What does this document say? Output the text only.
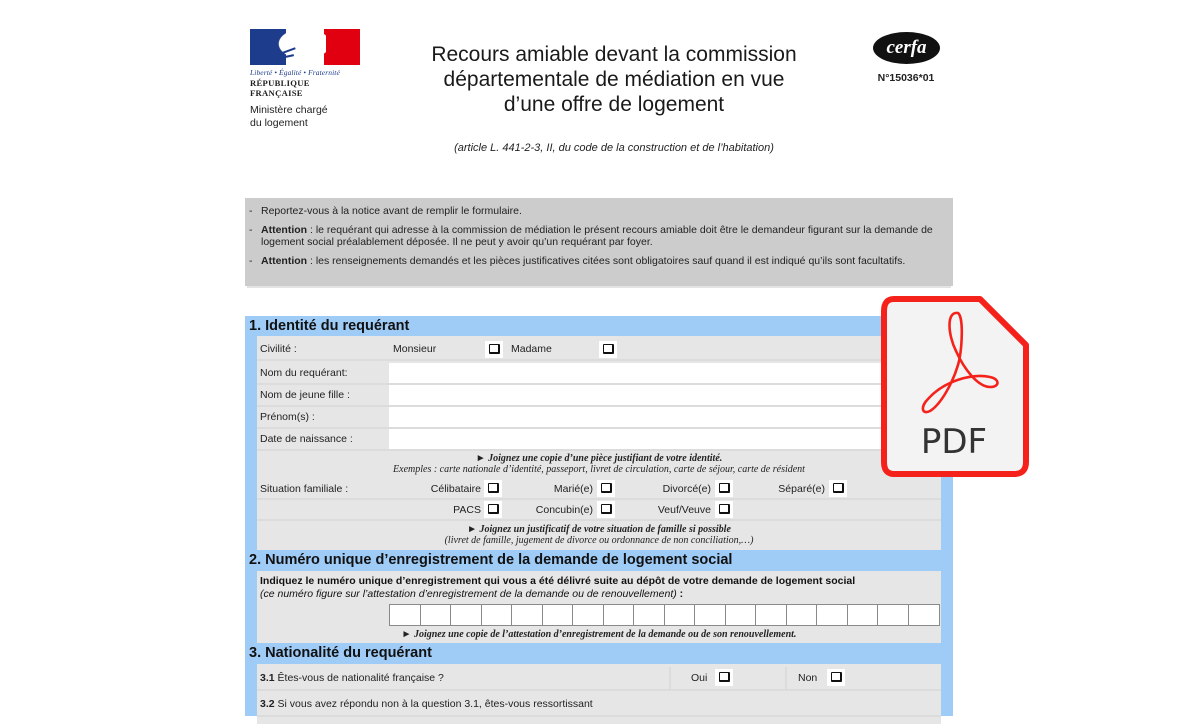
Liberté • Égalité • Fraternité
RÉPUBLIQUE FRANÇAISE
Ministère chargé
du logement
Recours amiable devant la commission
départementale de médiation en vue
d’une offre de logement
(article L. 441-2-3, II, du code de la construction et de l’habitation)
cerfa
N°15036*01
- Reportez-vous à la notice avant de remplir le formulaire.
- Attention : le requérant qui adresse à la commission de médiation le présent recours amiable doit être le demandeur figurant sur la demande de logement social préalablement déposée. Il ne peut y avoir qu’un requérant par foyer.
- Attention : les renseignements demandés et les pièces justificatives citées sont obligatoires sauf quand il est indiqué qu’ils sont facultatifs.
1. Identité du requérant
Civilité :	Monsieur	Madame
Nom du requérant:
Nom de jeune fille :
Prénom(s) :
Date de naissance :
► Joignez une copie d’une pièce justifiant de votre identité.
Exemples : carte nationale d’identité, passeport, livret de circulation, carte de séjour, carte de résident
Situation familiale :	Célibataire	Marié(e)	Divorcé(e)	Séparé(e)
PACS	Concubin(e)	Veuf/Veuve
► Joignez un justificatif de votre situation de famille si possible
(livret de famille, jugement de divorce ou ordonnance de non conciliation,…)
2. Numéro unique d’enregistrement de la demande de logement social
Indiquez le numéro unique d’enregistrement qui vous a été délivré suite au dépôt de votre demande de logement social
(ce numéro figure sur l’attestation d’enregistrement de la demande ou de renouvellement) :
► Joignez une copie de l’attestation d’enregistrement de la demande ou de son renouvellement.
3. Nationalité du requérant
3.1 Êtes-vous de nationalité française ?	Oui	Non
3.2 Si vous avez répondu non à la question 3.1, êtes-vous ressortissant
PDF
